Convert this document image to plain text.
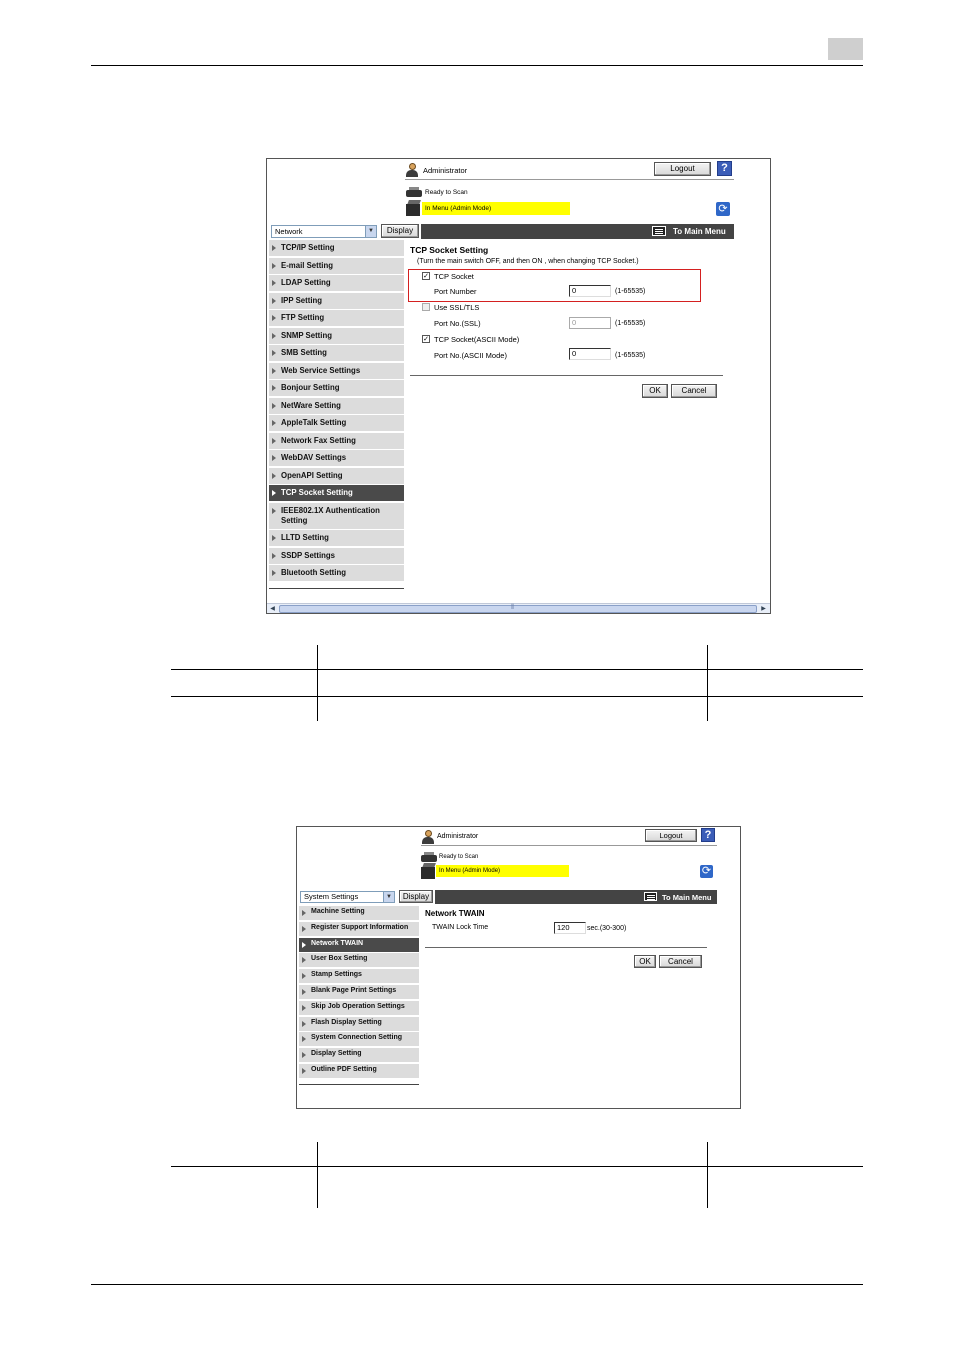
Administrator	Logout	?
Ready to Scan
In Menu (Admin Mode)	⟳
Network	▼	Display	To Main Menu
TCP/IP Setting
E-mail Setting
LDAP Setting
IPP Setting
FTP Setting
SNMP Setting
SMB Setting
Web Service Settings
Bonjour Setting
NetWare Setting
AppleTalk Setting
Network Fax Setting
WebDAV Settings
OpenAPI Setting
TCP Socket Setting
IEEE802.1X Authentication
Setting
LLTD Setting
SSDP Settings
Bluetooth Setting
TCP Socket Setting
(Turn the main switch OFF, and then ON , when changing TCP Socket.)
✓ TCP Socket
Port Number	0	(1-65535)
Use SSL/TLS
Port No.(SSL)	0	(1-65535)
✓ TCP Socket(ASCII Mode)
Port No.(ASCII Mode)	0	(1-65535)
OK	Cancel
◀	⦀	▶
Administrator	Logout	?
Ready to Scan
In Menu (Admin Mode)	⟳
System Settings	▼	Display	To Main Menu
Machine Setting
Register Support Information
Network TWAIN
User Box Setting
Stamp Settings
Blank Page Print Settings
Skip Job Operation Settings
Flash Display Setting
System Connection Setting
Display Setting
Outline PDF Setting
Network TWAIN
TWAIN Lock Time	120	sec.(30-300)
OK	Cancel
